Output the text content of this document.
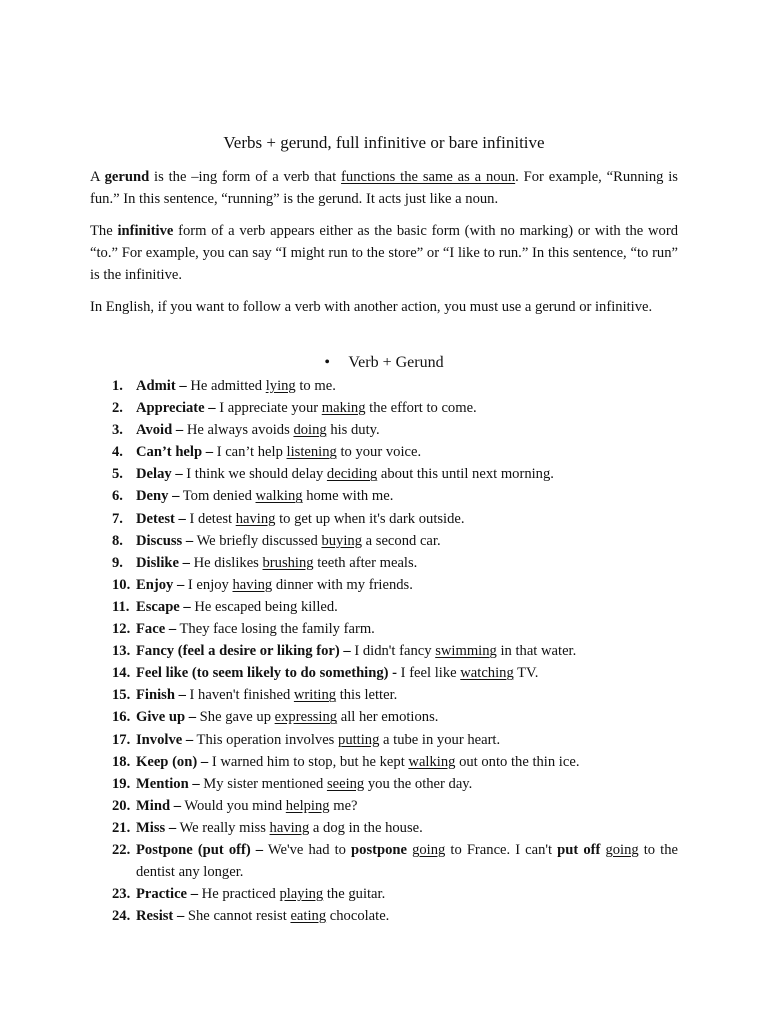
Verbs + gerund, full infinitive or bare infinitive

A gerund is the –ing form of a verb that functions the same as a noun. For example, “Running is fun.” In this sentence, “running” is the gerund. It acts just like a noun.

The infinitive form of a verb appears either as the basic form (with no marking) or with the word “to.” For example, you can say “I might run to the store” or “I like to run.” In this sentence, “to run” is the infinitive.

In English, if you want to follow a verb with another action, you must use a gerund or infinitive.

• Verb + Gerund
1. Admit – He admitted lying to me.
2. Appreciate – I appreciate your making the effort to come.
3. Avoid – He always avoids doing his duty.
4. Can’t help – I can’t help listening to your voice.
5. Delay – I think we should delay deciding about this until next morning.
6. Deny – Tom denied walking home with me.
7. Detest – I detest having to get up when it's dark outside.
8. Discuss – We briefly discussed buying a second car.
9. Dislike – He dislikes brushing teeth after meals.
10. Enjoy – I enjoy having dinner with my friends.
11. Escape – He escaped being killed.
12. Face – They face losing the family farm.
13. Fancy (feel a desire or liking for) – I didn't fancy swimming in that water.
14. Feel like (to seem likely to do something) - I feel like watching TV.
15. Finish – I haven't finished writing this letter.
16. Give up – She gave up expressing all her emotions.
17. Involve – This operation involves putting a tube in your heart.
18. Keep (on) – I warned him to stop, but he kept walking out onto the thin ice.
19. Mention – My sister mentioned seeing you the other day.
20. Mind – Would you mind helping me?
21. Miss – We really miss having a dog in the house.
22. Postpone (put off) – We've had to postpone going to France. I can't put off going to the dentist any longer.
23. Practice – He practiced playing the guitar.
24. Resist – She cannot resist eating chocolate.
